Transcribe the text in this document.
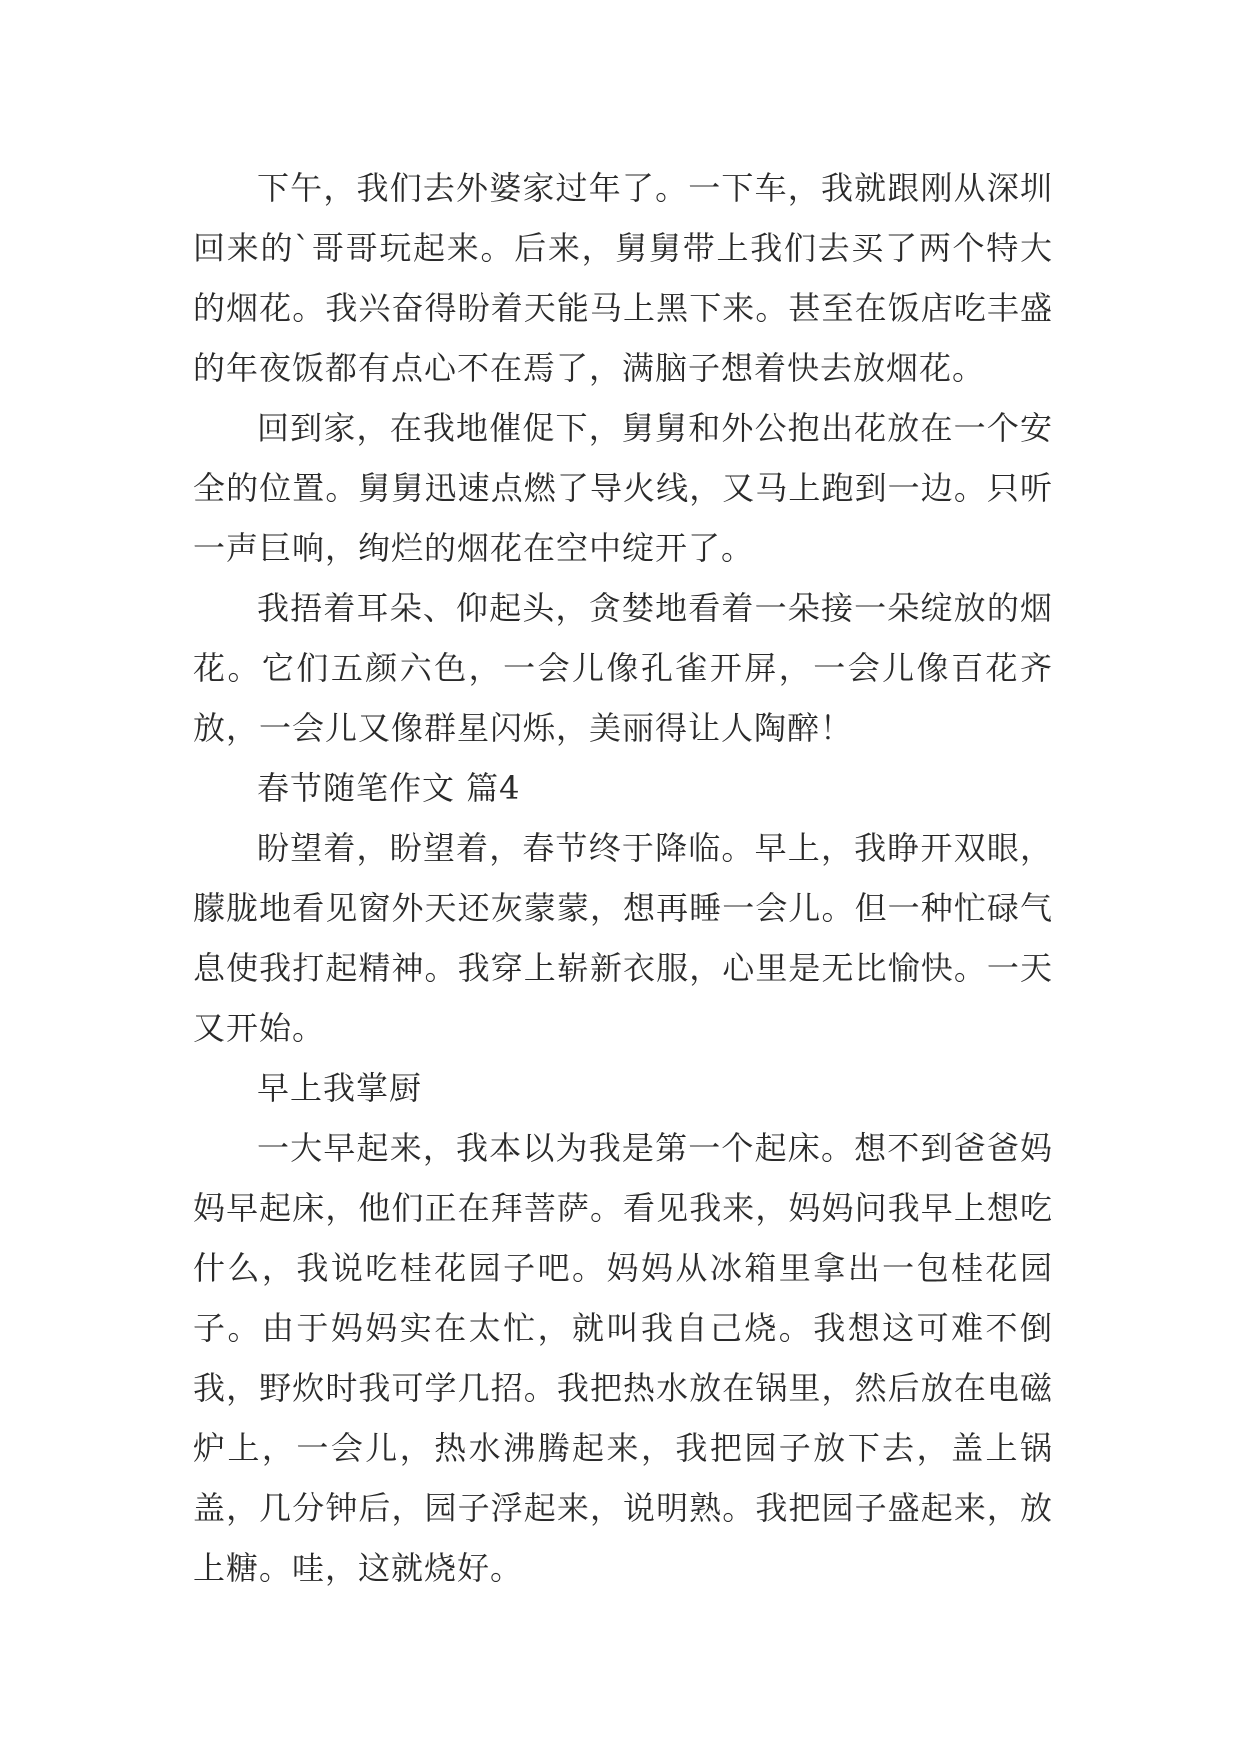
下午，我们去外婆家过年了。一下车，我就跟刚从深圳回来的`哥哥玩起来。后来，舅舅带上我们去买了两个特大的烟花。我兴奋得盼着天能马上黑下来。甚至在饭店吃丰盛的年夜饭都有点心不在焉了，满脑子想着快去放烟花。

回到家，在我地催促下，舅舅和外公抱出花放在一个安全的位置。舅舅迅速点燃了导火线，又马上跑到一边。只听一声巨响，绚烂的烟花在空中绽开了。

我捂着耳朵、仰起头，贪婪地看着一朵接一朵绽放的烟花。它们五颜六色，一会儿像孔雀开屏，一会儿像百花齐放，一会儿又像群星闪烁，美丽得让人陶醉！

春节随笔作文 篇4

盼望着，盼望着，春节终于降临。早上，我睁开双眼，朦胧地看见窗外天还灰蒙蒙，想再睡一会儿。但一种忙碌气息使我打起精神。我穿上崭新衣服，心里是无比愉快。一天又开始。

早上我掌厨

一大早起来，我本以为我是第一个起床。想不到爸爸妈妈早起床，他们正在拜菩萨。看见我来，妈妈问我早上想吃什么，我说吃桂花园子吧。妈妈从冰箱里拿出一包桂花园子。由于妈妈实在太忙，就叫我自己烧。我想这可难不倒我，野炊时我可学几招。我把热水放在锅里，然后放在电磁炉上，一会儿，热水沸腾起来，我把园子放下去，盖上锅盖，几分钟后，园子浮起来，说明熟。我把园子盛起来，放上糖。哇，这就烧好。
